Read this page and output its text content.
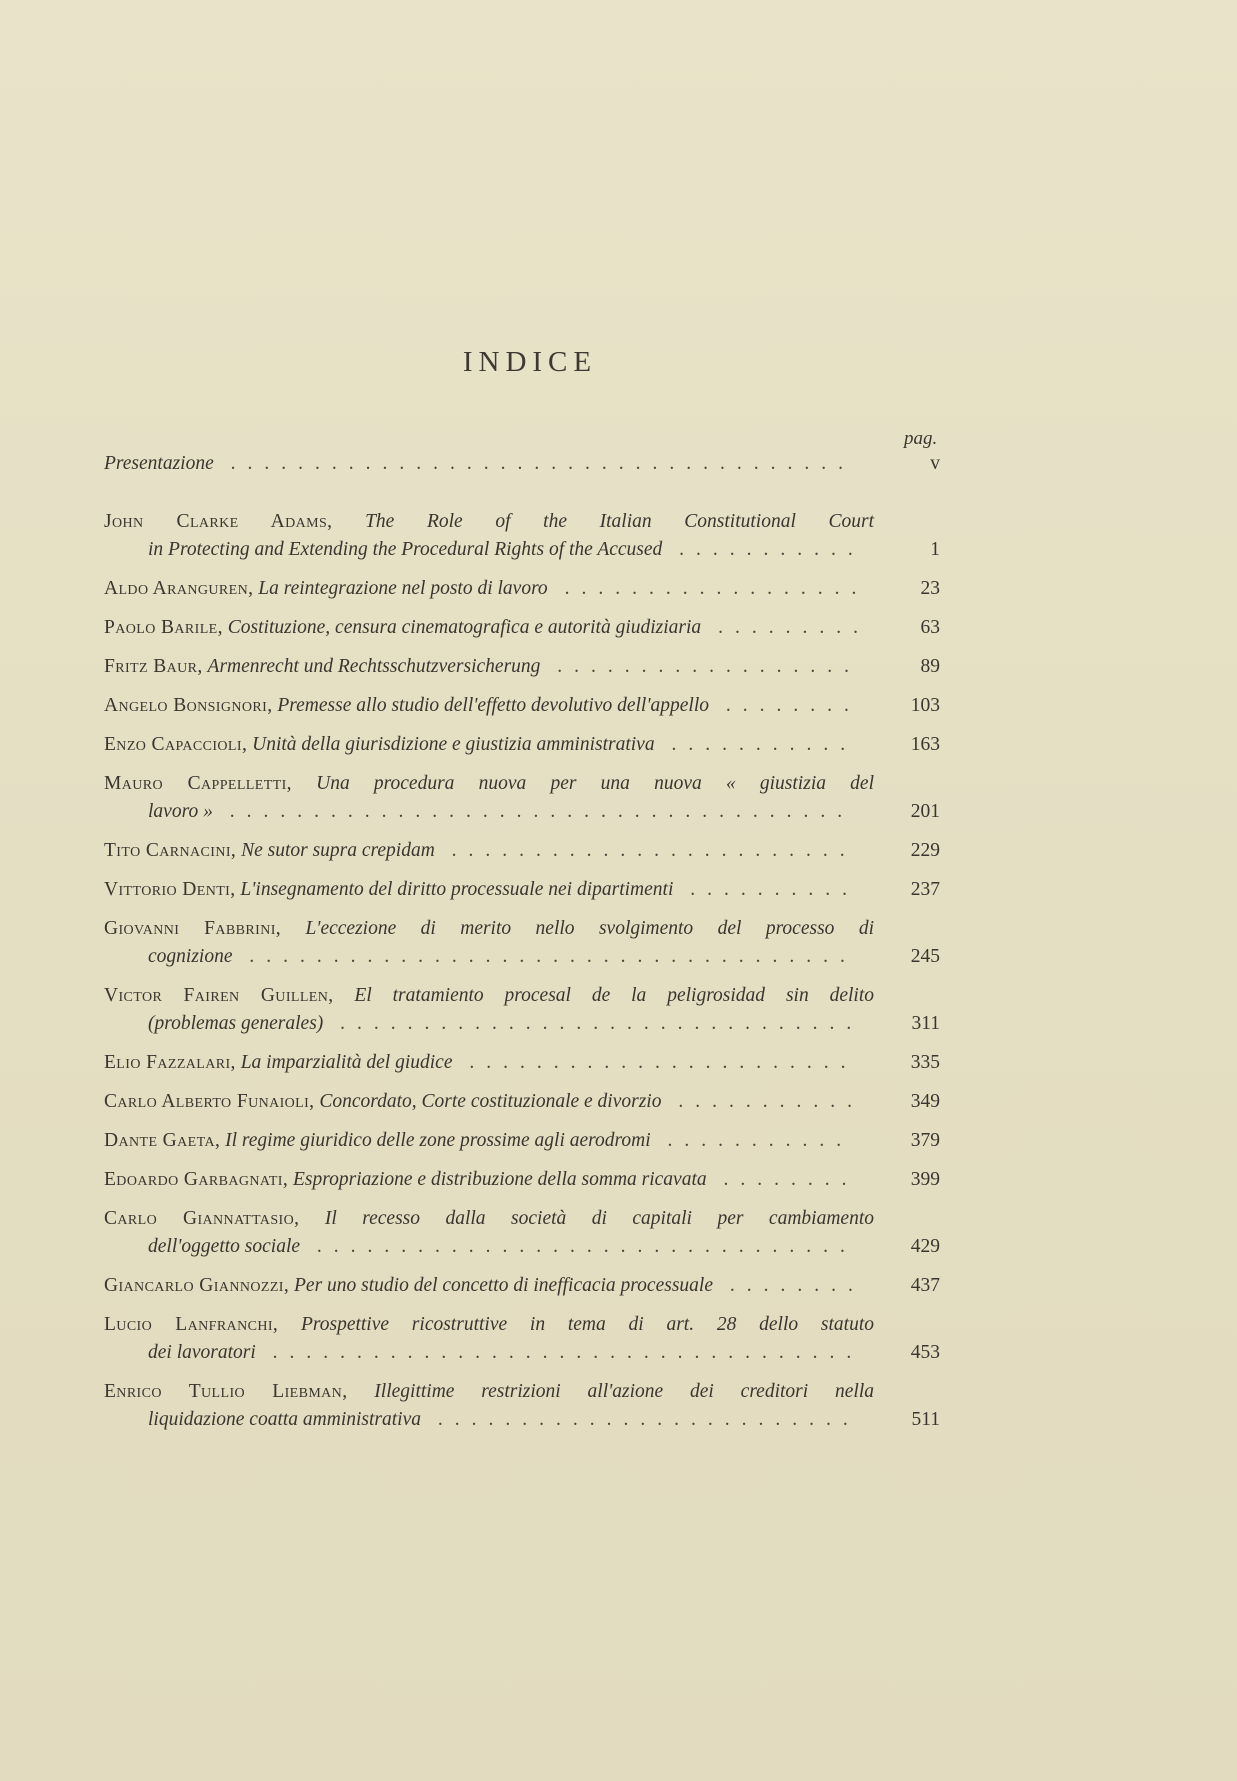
INDICE
pag.
Presentazione .....................................	v
John Clarke Adams, The Role of the Italian Constitutional Court
in Protecting and Extending the Procedural Rights of the Accused ...........	1
Aldo Aranguren, La reintegrazione nel posto di lavoro ..................	23
Paolo Barile, Costituzione, censura cinematografica e autorità giudiziaria .........	63
Fritz Baur, Armenrecht und Rechtsschutzversicherung ..................	89
Angelo Bonsignori, Premesse allo studio dell'effetto devolutivo dell'appello ........	103
Enzo Capaccioli, Unità della giurisdizione e giustizia amministrativa ...........	163
Mauro Cappelletti, Una procedura nuova per una nuova « giustizia del
lavoro » .....................................	201
Tito Carnacini, Ne sutor supra crepidam ........................	229
Vittorio Denti, L'insegnamento del diritto processuale nei dipartimenti ..........	237
Giovanni Fabbrini, L'eccezione di merito nello svolgimento del processo di
cognizione ....................................	245
Victor Fairen Guillen, El tratamiento procesal de la peligrosidad sin delito
(problemas generales) ...............................	311
Elio Fazzalari, La imparzialità del giudice .......................	335
Carlo Alberto Funaioli, Concordato, Corte costituzionale e divorzio ...........	349
Dante Gaeta, Il regime giuridico delle zone prossime agli aerodromi ...........	379
Edoardo Garbagnati, Espropriazione e distribuzione della somma ricavata ........	399
Carlo Giannattasio, Il recesso dalla società di capitali per cambiamento
dell'oggetto sociale ................................	429
Giancarlo Giannozzi, Per uno studio del concetto di inefficacia processuale ........	437
Lucio Lanfranchi, Prospettive ricostruttive in tema di art. 28 dello statuto
dei lavoratori ...................................	453
Enrico Tullio Liebman, Illegittime restrizioni all'azione dei creditori nella
liquidazione coatta amministrativa .........................	511
